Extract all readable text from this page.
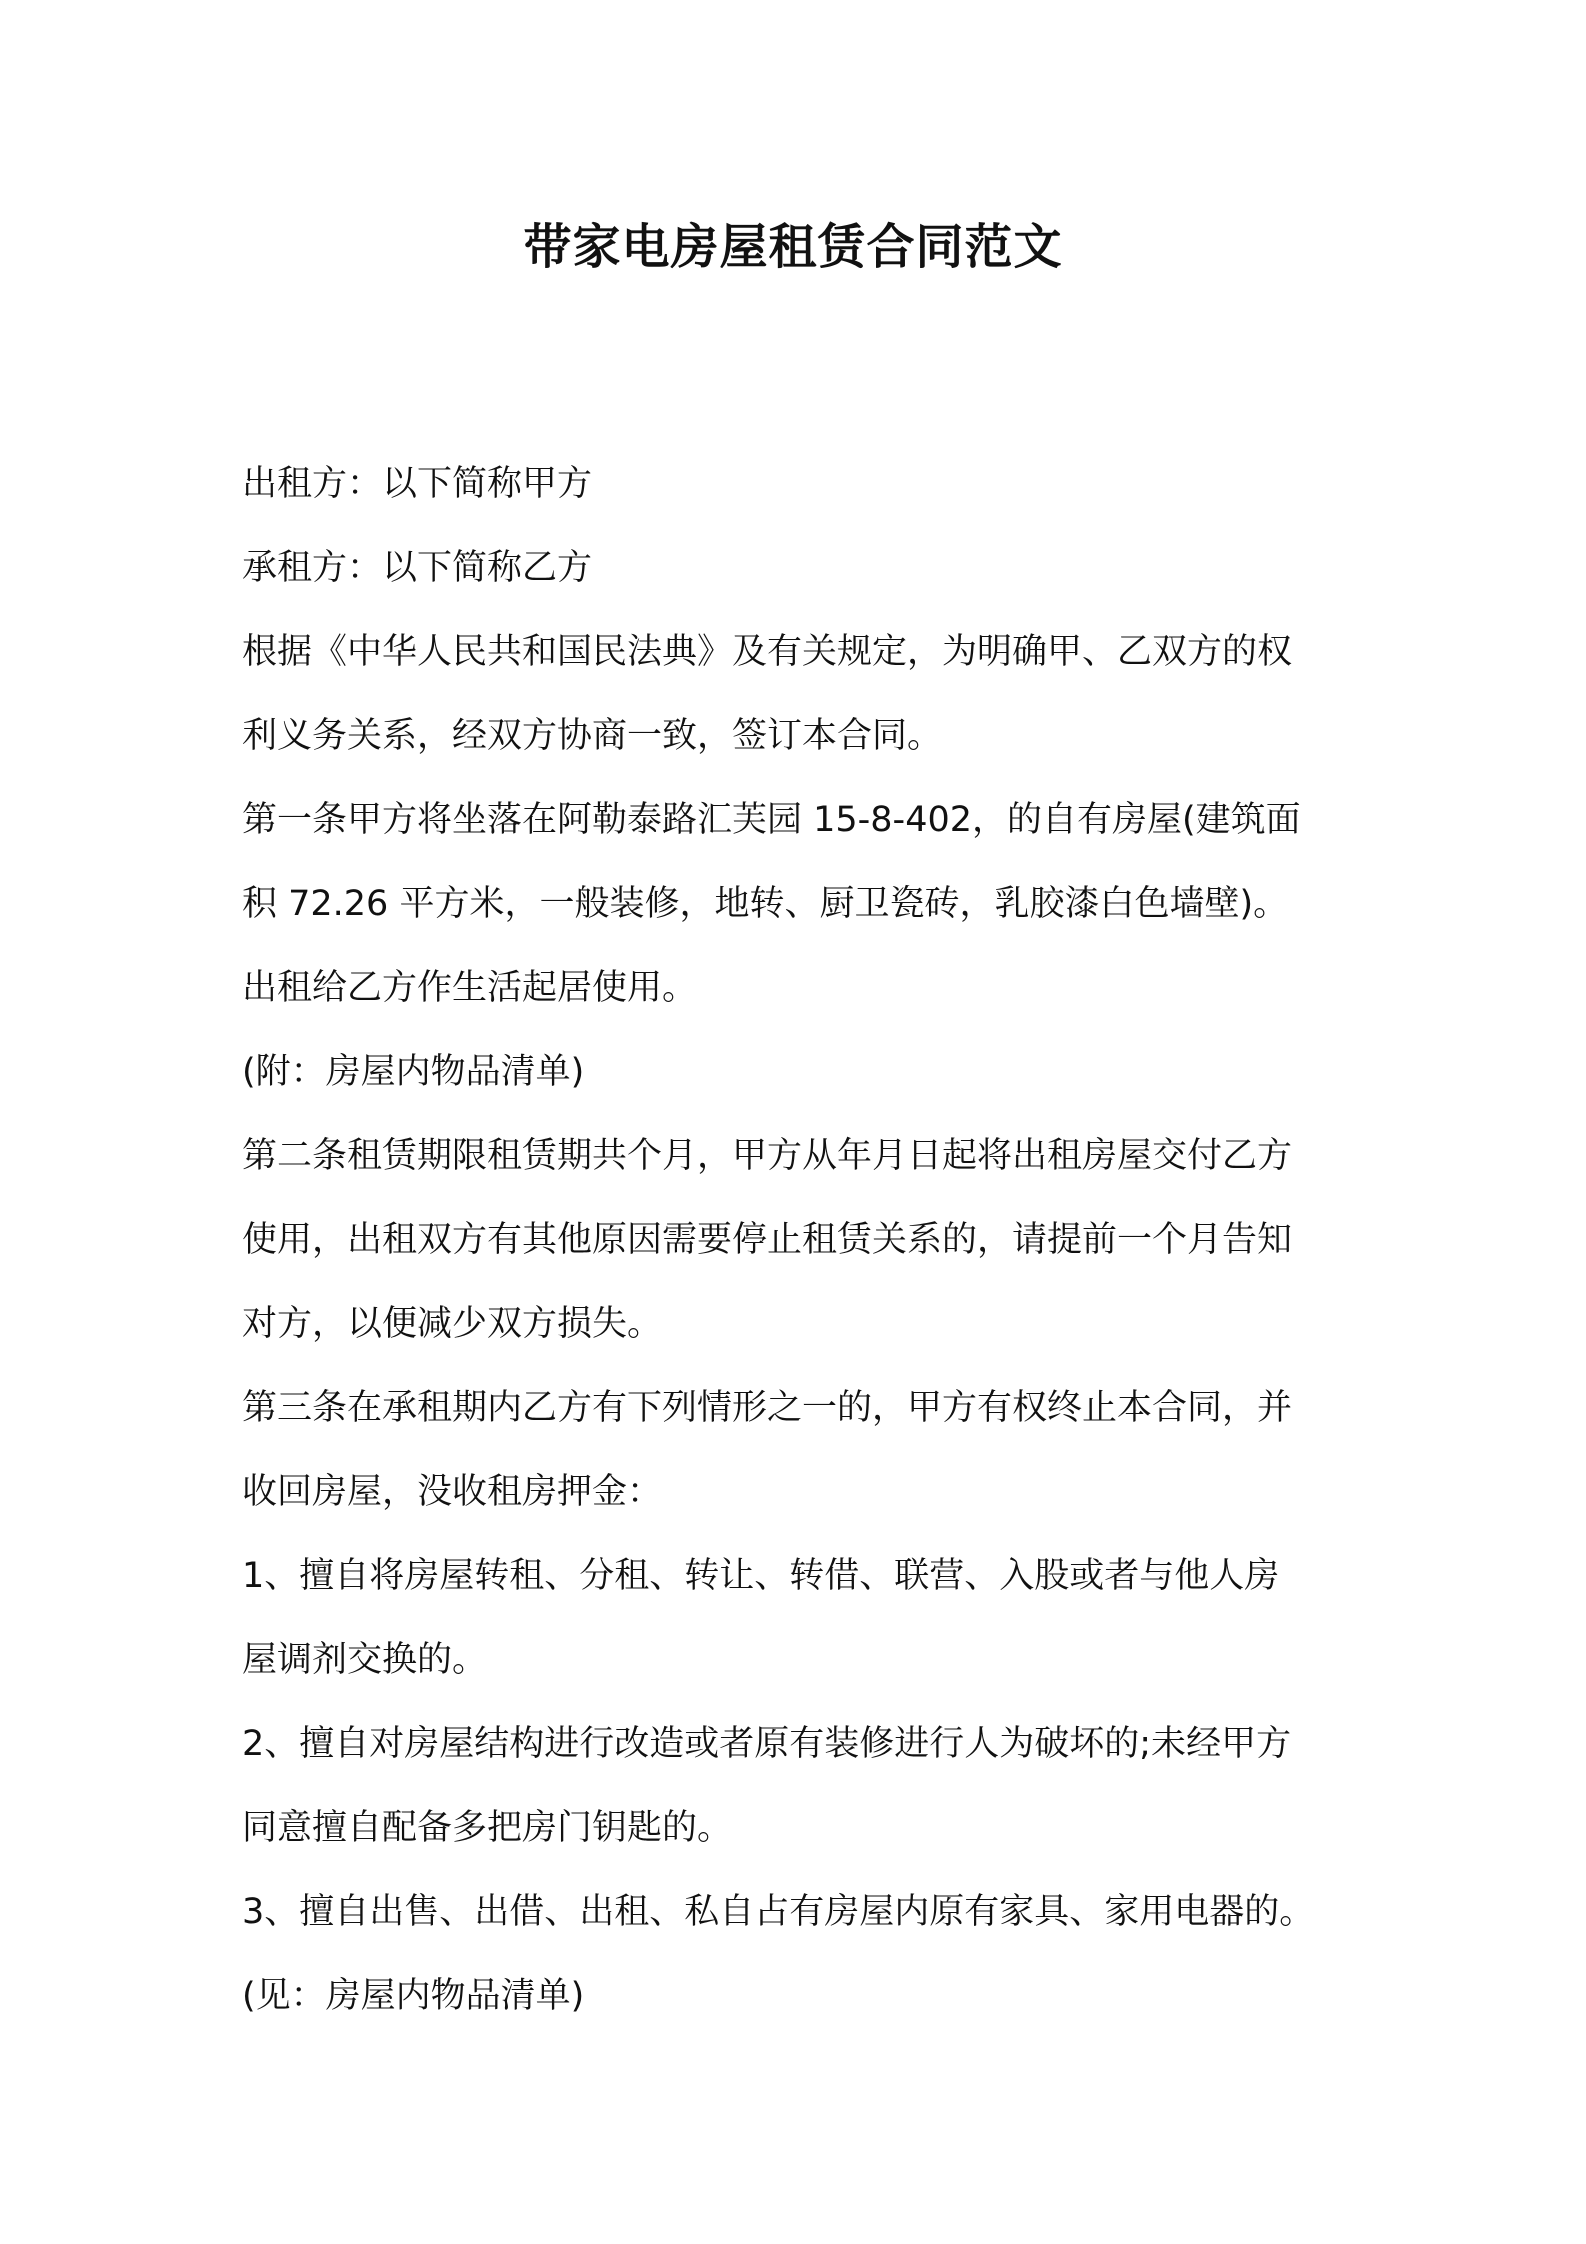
带家电房屋租赁合同范文
出租方：以下简称甲方
承租方：以下简称乙方
根据《中华人民共和国民法典》及有关规定，为明确甲、乙双方的权
利义务关系，经双方协商一致，签订本合同。
第一条甲方将坐落在阿勒泰路汇芙园 15-8-402，的自有房屋(建筑面
积 72.26 平方米，一般装修，地转、厨卫瓷砖，乳胶漆白色墙壁)。
出租给乙方作生活起居使用。
(附：房屋内物品清单)
第二条租赁期限租赁期共个月，甲方从年月日起将出租房屋交付乙方
使用，出租双方有其他原因需要停止租赁关系的，请提前一个月告知
对方，以便减少双方损失。
第三条在承租期内乙方有下列情形之一的，甲方有权终止本合同，并
收回房屋，没收租房押金：
1、擅自将房屋转租、分租、转让、转借、联营、入股或者与他人房
屋调剂交换的。
2、擅自对房屋结构进行改造或者原有装修进行人为破坏的;未经甲方
同意擅自配备多把房门钥匙的。
3、擅自出售、出借、出租、私自占有房屋内原有家具、家用电器的。
(见：房屋内物品清单)
